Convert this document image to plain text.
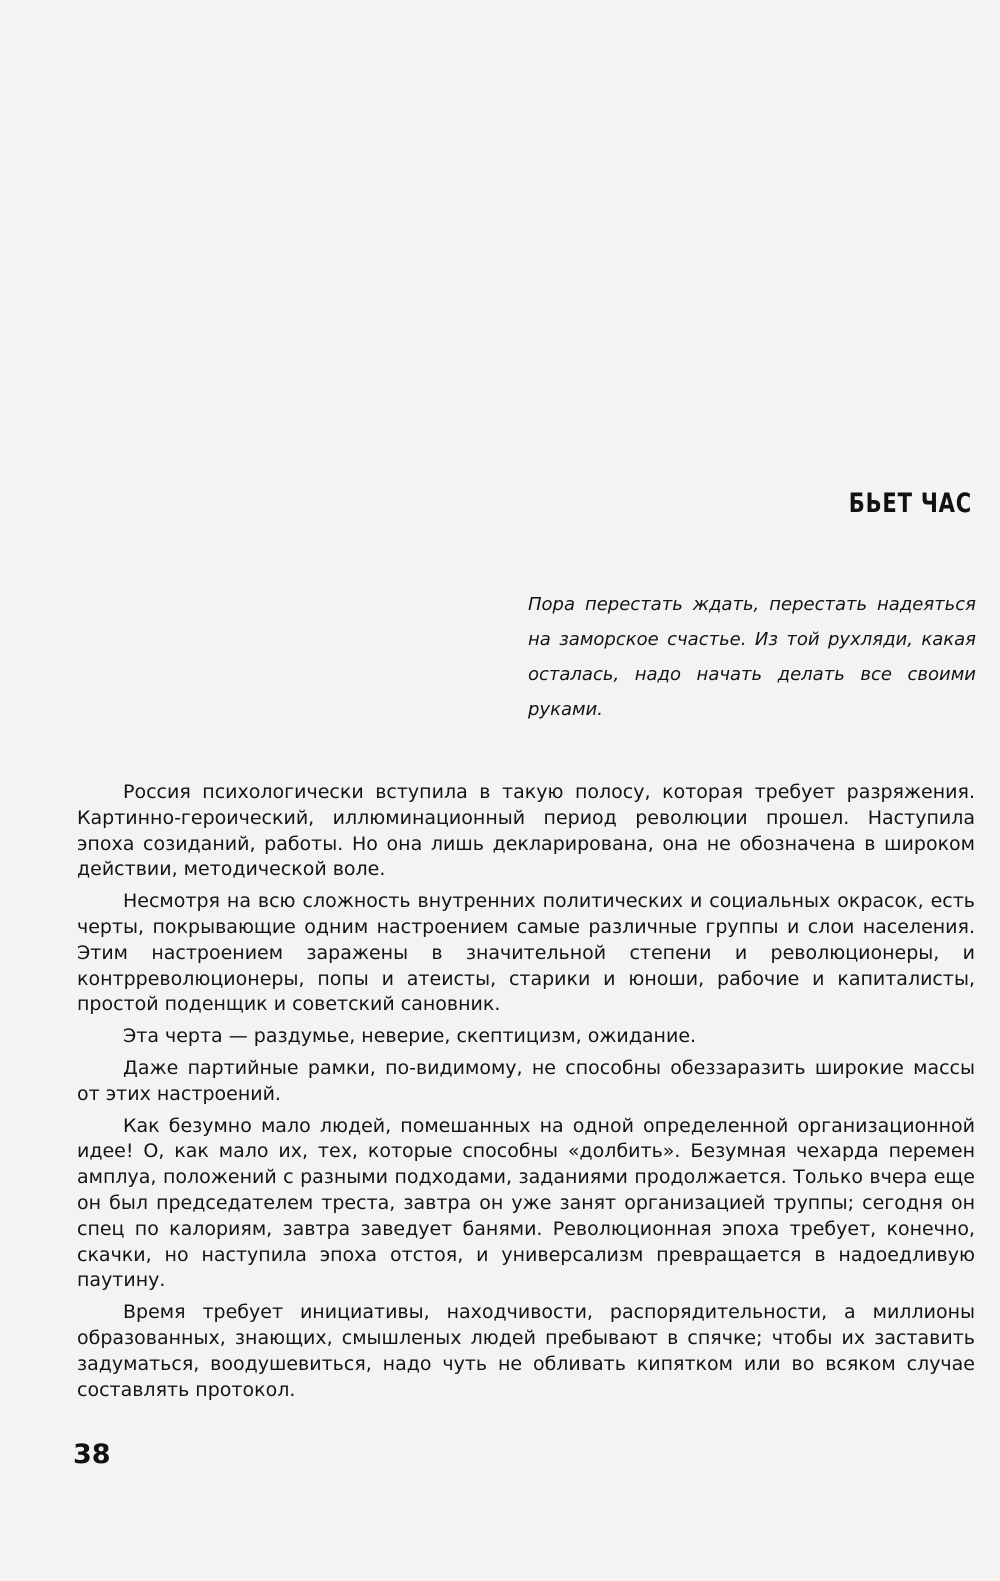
БЬЕТ ЧАС

Пора перестать ждать, перестать надеяться на заморское счастье. Из той рухляди, какая осталась, надо начать делать все своими руками.

Россия психологически вступила в такую полосу, которая требует разряжения. Картинно-героический, иллюминационный период революции прошел. Наступила эпоха созиданий, работы. Но она лишь декларирована, она не обозначена в широком действии, методической воле.

Несмотря на всю сложность внутренних политических и социальных окрасок, есть черты, покрывающие одним настроением самые различные группы и слои населения. Этим настроением заражены в значительной степени и революционеры, и контрреволюционеры, попы и атеисты, старики и юноши, рабочие и капиталисты, простой поденщик и советский сановник.

Эта черта — раздумье, неверие, скептицизм, ожидание.

Даже партийные рамки, по-видимому, не способны обеззаразить широкие массы от этих настроений.

Как безумно мало людей, помешанных на одной определенной организационной идее! О, как мало их, тех, которые способны «долбить». Безумная чехарда перемен амплуа, положений с разными подходами, заданиями продолжается. Только вчера еще он был председателем треста, завтра он уже занят организацией труппы; сегодня он спец по калориям, завтра заведует банями. Революционная эпоха требует, конечно, скачки, но наступила эпоха отстоя, и универсализм превращается в надоедливую паутину.

Время требует инициативы, находчивости, распорядительности, а миллионы образованных, знающих, смышленых людей пребывают в спячке; чтобы их заставить задуматься, воодушевиться, надо чуть не обливать кипятком или во всяком случае составлять протокол.

38
